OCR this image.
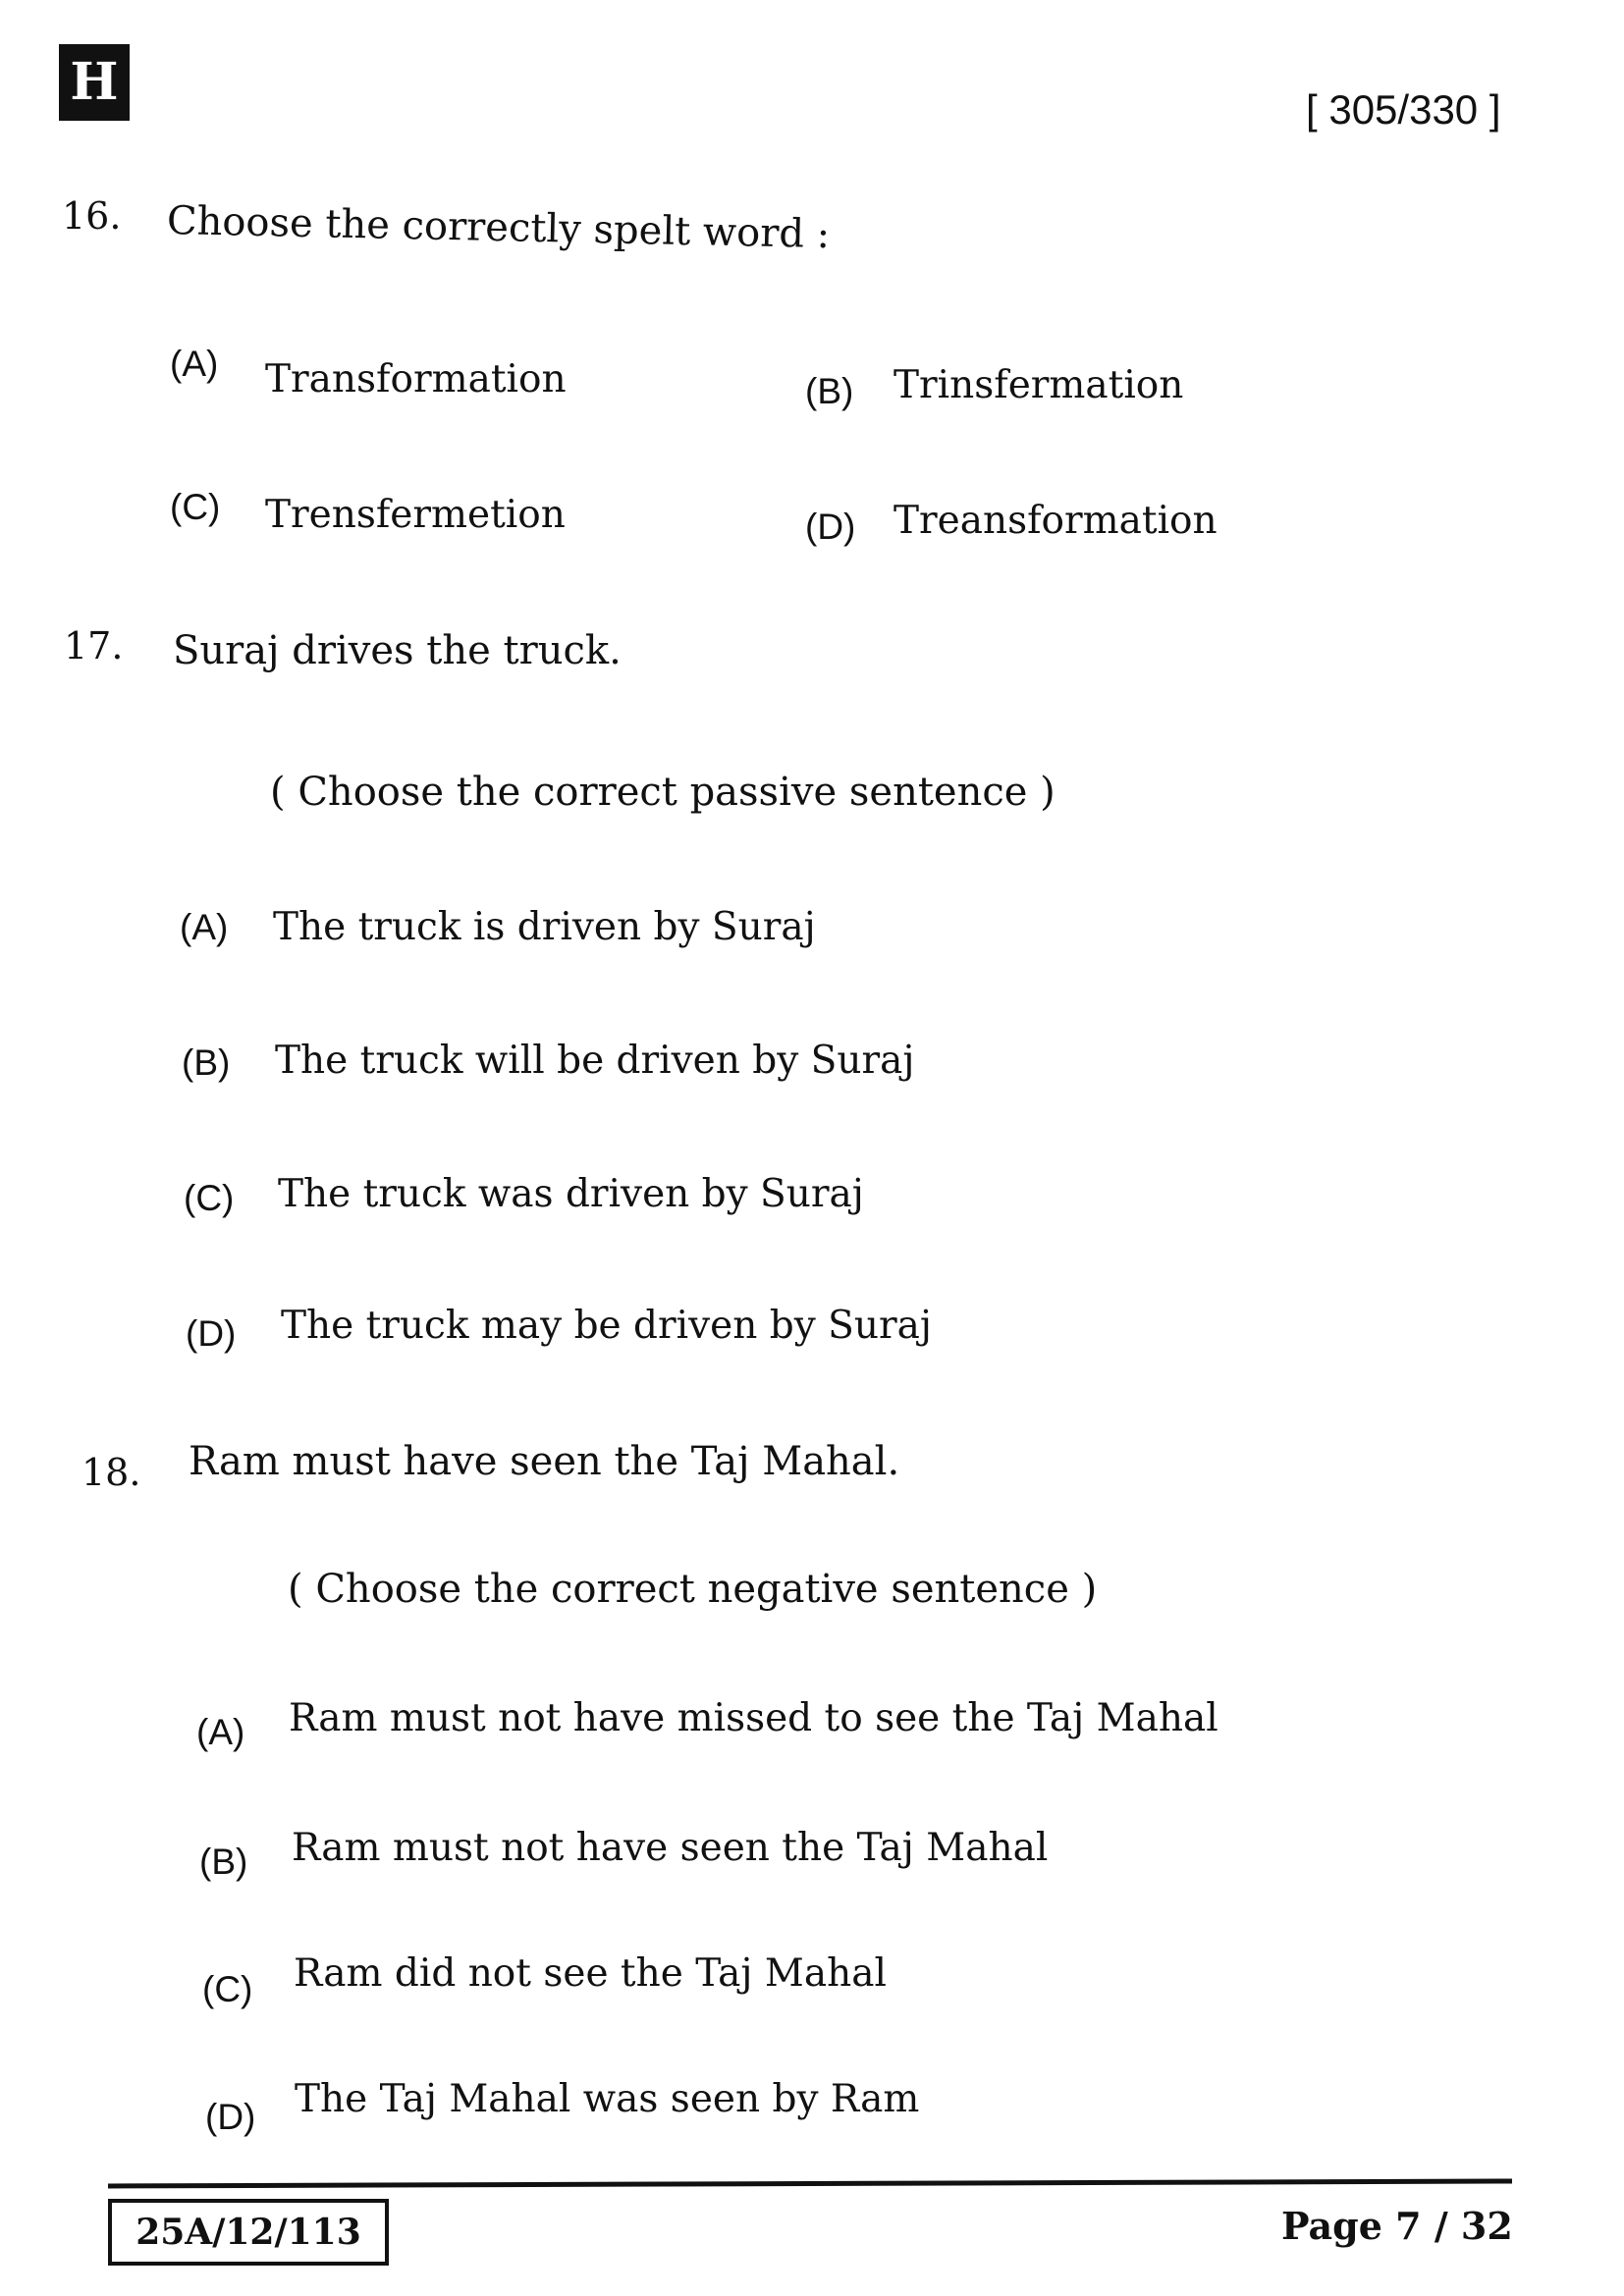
H	[ 305/330 ]
16. Choose the correctly spelt word :
(A) Transformation	(B) Trinsfermation
(C) Trensfermetion	(D) Treansformation
17. Suraj drives the truck.
( Choose the correct passive sentence )
(A) The truck is driven by Suraj
(B) The truck will be driven by Suraj
(C) The truck was driven by Suraj
(D) The truck may be driven by Suraj
18. Ram must have seen the Taj Mahal.
( Choose the correct negative sentence )
(A) Ram must not have missed to see the Taj Mahal
(B) Ram must not have seen the Taj Mahal
(C) Ram did not see the Taj Mahal
(D) The Taj Mahal was seen by Ram
25A/12/113	Page 7 / 32
